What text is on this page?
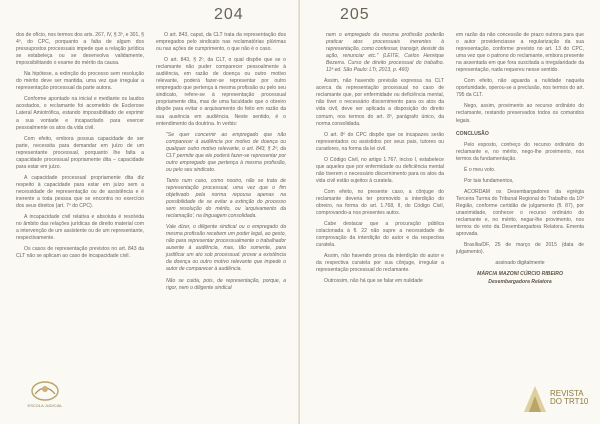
204

dos de ofício, nos termos dos arts. 267, IV, § 3º, e 301, § 4º, do CPC, porquanto a falta de algum dos pressupostos processuais impede que a relação jurídica se estabeleça ou se desenvolva validamente, impossibilitando o exame do mérito da causa.

Na hipótese, a extinção do processo sem resolução do mérito deve ser mantida, uma vez que irregular a representação processual da parte autora.

Conforme apontado na inicial e mediante os laudos acostados, o reclamante foi acometido de Esclerose Lateral Amiotrófica, estando impossibilitado de exprimir a sua vontade e incapacitado para exercer pessoalmente os atos da vida civil.

Com efeito, embora possua capacidade de ser parte, necessita para demandar em juízo de um representante processual, porquanto lhe falta a capacidade processual propriamente dita – capacidade para estar em juízo.

A capacidade processual propriamente dita diz respeito à capacidade para estar em juízo sem a necessidade de representação ou de assistência e é inerente a toda pessoa que se encontra no exercício dos seus direitos (art. 7º do CPC).

A incapacidade civil relativa e absoluta é resolvida no âmbito das relações jurídicas de direito material com a intervenção de um assistente ou de um representante, respectivamente.

Os casos de representação previstos no art. 843 da CLT não se aplicam ao caso de incapacidade civil.

O art. 843, caput, da CLT trata da representação dos empregados pelo sindicato nas reclamatórias plúrimas ou nas ações de cumprimento, o que não é o caso.

O art. 843, § 2º, da CLT, o qual dispõe que se o reclamante não puder comparecer pessoalmente à audiência, em razão de doença ou outro motivo relevante, poderá fazer-se representar por outro empregado que pertença à mesma profissão ou pelo seu sindicato, refere-se à representação processual propriamente dita, mas de uma faculdade que o obreiro dispõe para evitar o arquivamento do feito em razão da sua ausência em audiência. Neste sentido, é o entendimento da doutrina. In verbis:

"Se quer concernir ao empregado que não comparecer à audiência por motivo de doença ou qualquer outro motivo relevante, o art. 843, § 2º, da CLT permite que ele poderá fazer-se representar por outro empregado que pertença à mesma profissão, ou pelo seu sindicato.

Tanto num caso, como noutro, não se trata de representação processual, uma vez que o fim objetivado pela norma repousa apenas na possibilidade de se evitar a extinção do processo sem resolução do mérito, ou 'arquivamento da reclamação', na linguagem consolidada.

Vale dizer, o diligente sindical ou o empregado da mesma profissão recebem um poder legal, ao gesto, não para representar processualmente o trabalhador ausente à audiência, mas, tão somente, para justificar um ato sob processual: provar a existência da doença ou outro motivo relevante que impede o autor de comparecer à audiência.

Não se cuida, pois, de representação, porque, a rigor, nem o diligente sindical

ESCOLA JUDICIAL
205

nem o empregado da mesma profissão poderão praticar atos processuais inerentes à representação, como confessar, transigir, desistir da ação, renunciar etc." (LEITE, Carlos Henrique Bezerra. Curso de direito processual do trabalho. 11ª ed. São Paulo: LTr, 2013, p. 460)

Assim, não havendo previsão expressa na CLT acerca da representação processual no caso de reclamante que, por enfermidade ou deficiência mental, não tiver o necessário discernimento para os atos da vida civil, deve ser aplicada a disposição do direito comum, nos termos do art. 8º, parágrafo único, da norma consolidada.

O art. 8º do CPC dispõe que os incapazes serão representados ou assistidos por seus pais, tutores ou curadores, na forma da lei civil.

O Código Civil, no artigo 1.767, inciso I, estabelece que aqueles que por enfermidade ou deficiência mental não tiverem o necessário discernimento para os atos da vida civil estão sujeitos à curatela.

Com efeito, no presente caso, a cônjuge do reclamante deveria ter promovido a interdição do obreiro, na forma do art. 1.768, II, do Código Civil, comprovando-a nos presentes autos.

Cabe destacar que a procuração pública colacionada à fl. 22 não supre a necessidade de comprovação da interdição do autor e da respectiva curatela.

Assim, não havendo prova da interdição do autor e da respectiva curatela por sua cônjuge, irregular a representação processual do reclamante.

Outrossim, não há que se falar em nulidade

em razão da não concessão de prazo outrora para que o autor providenciasse a regularização da sua representação, conforme previsto no art. 13 do CPC, uma vez que o patrono do reclamante, embora presente na assentada em que fora suscitada a irregularidade da representação, nada requereu nesse sentido.

Com efeito, não aguarda a nulidade naquela oportunidade, operou-se a preclusão, nos termos do art. 795 da CLT.

Nego, assim, provimento ao recurso ordinário do reclamante, restando preservados todos os comandos legais.

CONCLUSÃO

Pelo exposto, conheço do recurso ordinário do reclamante e, no mérito, nego-lhe provimento, nos termos da fundamentação.

É o meu voto.

Por tais fundamentos,

ACORDAM os Desembargadores da egrégia Terceira Turma do Tribunal Regional do Trabalho da 10ª Região, conforme certidão de julgamento (fl. 87), por unanimidade, conhecer o recurso ordinário do reclamante e, no mérito, negar-lhe provimento, nos termos do voto da Desembargadora Relatora. Ementa aprovada.

Brasília/DF, 25 de março de 2015 (data de julgamento).

assinado digitalmente

MÁRCIA MAZONI CÚRCIO RIBEIRO

Desembargadora Relatora

REVISTA
DO TRT10
